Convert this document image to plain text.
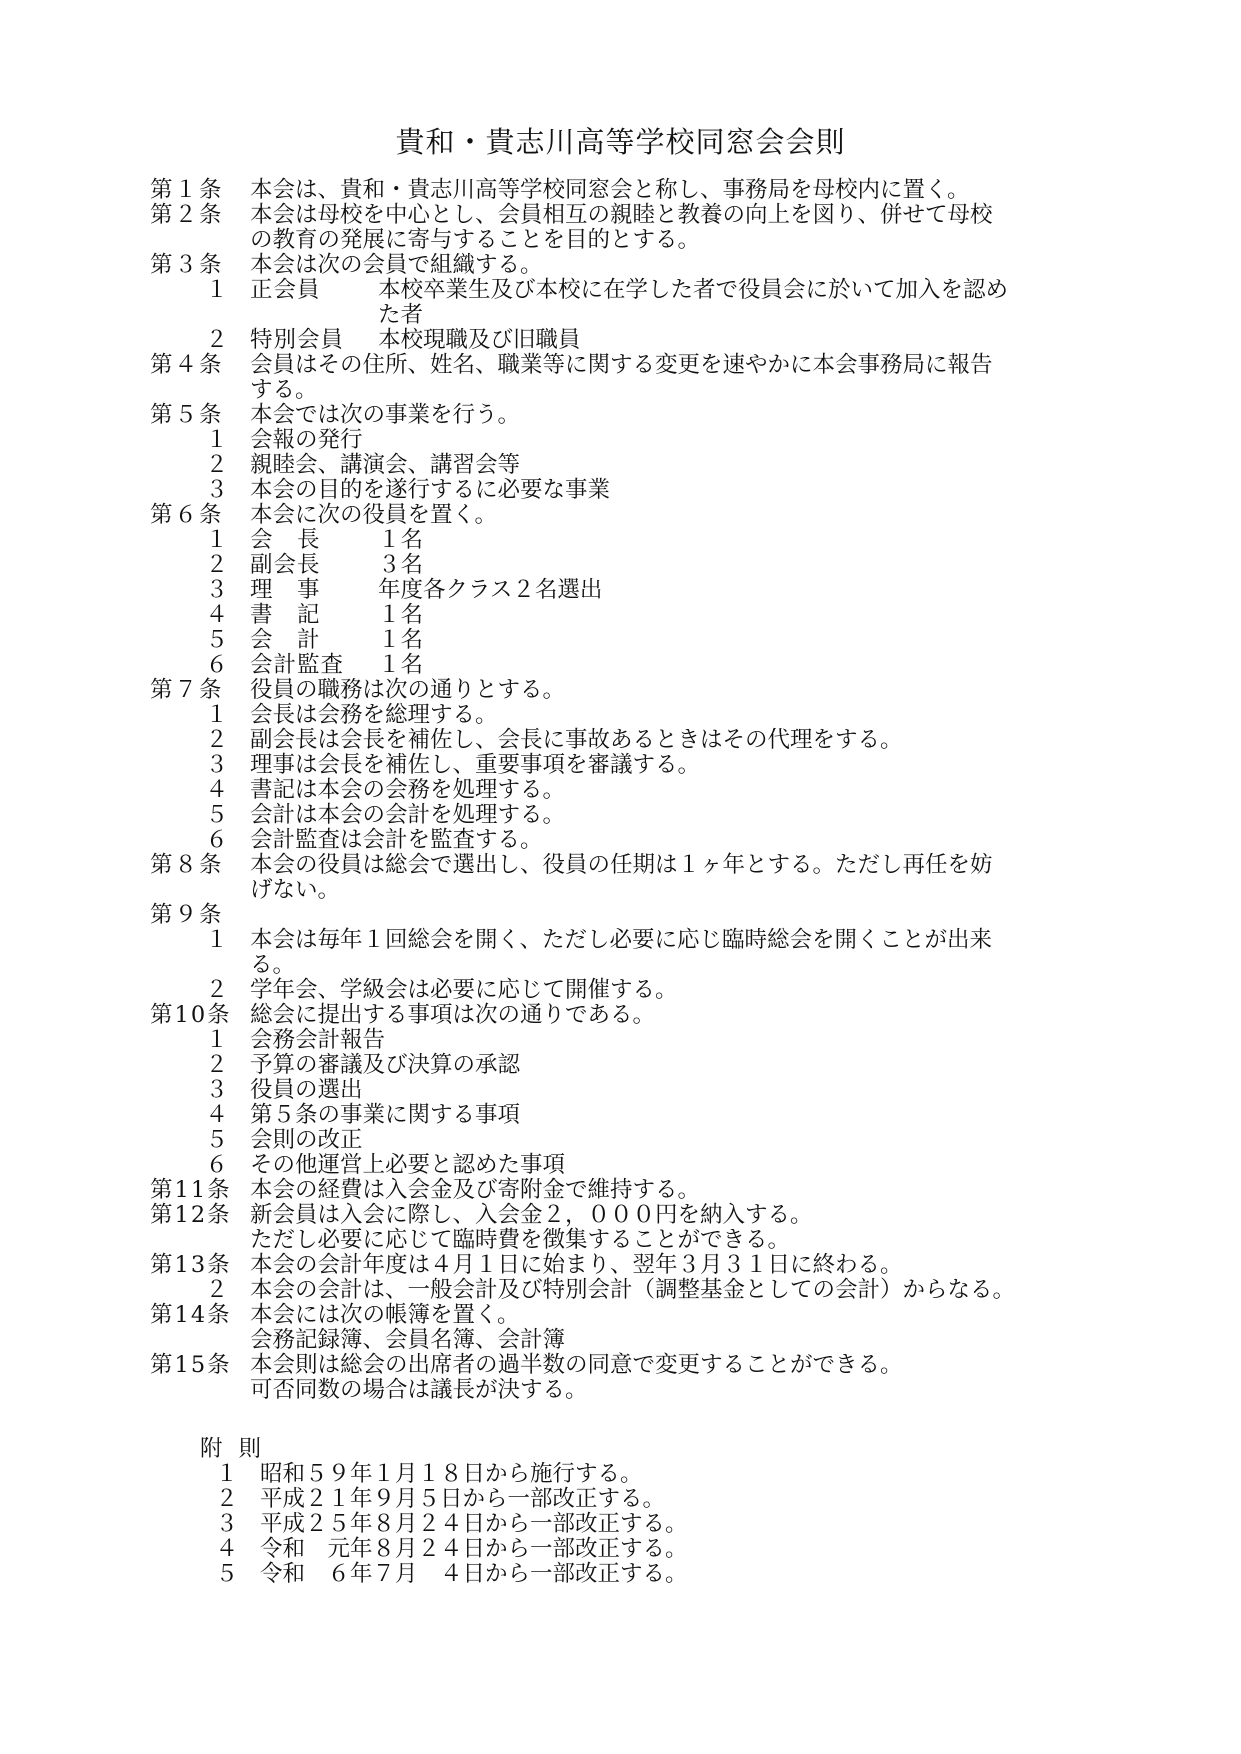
貴和・貴志川高等学校同窓会会則
第１条	本会は、貴和・貴志川高等学校同窓会と称し、事務局を母校内に置く。
第２条	本会は母校を中心とし、会員相互の親睦と教養の向上を図り、併せて母校
の教育の発展に寄与することを目的とする。
第３条	本会は次の会員で組織する。
１ 正会員	本校卒業生及び本校に在学した者で役員会に於いて加入を認め
た者
２ 特別会員	本校現職及び旧職員
第４条	会員はその住所、姓名、職業等に関する変更を速やかに本会事務局に報告
する。
第５条	本会では次の事業を行う。
１ 会報の発行
２ 親睦会、講演会、講習会等
３ 本会の目的を遂行するに必要な事業
第６条	本会に次の役員を置く。
１ 会　長	１名
２ 副会長	３名
３ 理　事	年度各クラス２名選出
４ 書　記	１名
５ 会　計	１名
６ 会計監査	１名
第７条	役員の職務は次の通りとする。
１ 会長は会務を総理する。
２ 副会長は会長を補佐し、会長に事故あるときはその代理をする。
３ 理事は会長を補佐し、重要事項を審議する。
４ 書記は本会の会務を処理する。
５ 会計は本会の会計を処理する。
６ 会計監査は会計を監査する。
第８条	本会の役員は総会で選出し、役員の任期は１ヶ年とする。ただし再任を妨
げない。
第９条
１ 本会は毎年１回総会を開く、ただし必要に応じ臨時総会を開くことが出来
る。
２ 学年会、学級会は必要に応じて開催する。
第10条 総会に提出する事項は次の通りである。
１ 会務会計報告
２ 予算の審議及び決算の承認
３ 役員の選出
４ 第５条の事業に関する事項
５ 会則の改正
６ その他運営上必要と認めた事項
第11条 本会の経費は入会金及び寄附金で維持する。
第12条 新会員は入会に際し、入会金２，０００円を納入する。
ただし必要に応じて臨時費を徴集することができる。
第13条 本会の会計年度は４月１日に始まり、翌年３月３１日に終わる。
２ 本会の会計は、一般会計及び特別会計（調整基金としての会計）からなる。
第14条 本会には次の帳簿を置く。
会務記録簿、会員名簿、会計簿
第15条 本会則は総会の出席者の過半数の同意で変更することができる。
可否同数の場合は議長が決する。
附則
１ 昭和５９年１月１８日から施行する。
２ 平成２１年９月５日から一部改正する。
３ 平成２５年８月２４日から一部改正する。
４ 令和　元年８月２４日から一部改正する。
５ 令和　６年７月　４日から一部改正する。
